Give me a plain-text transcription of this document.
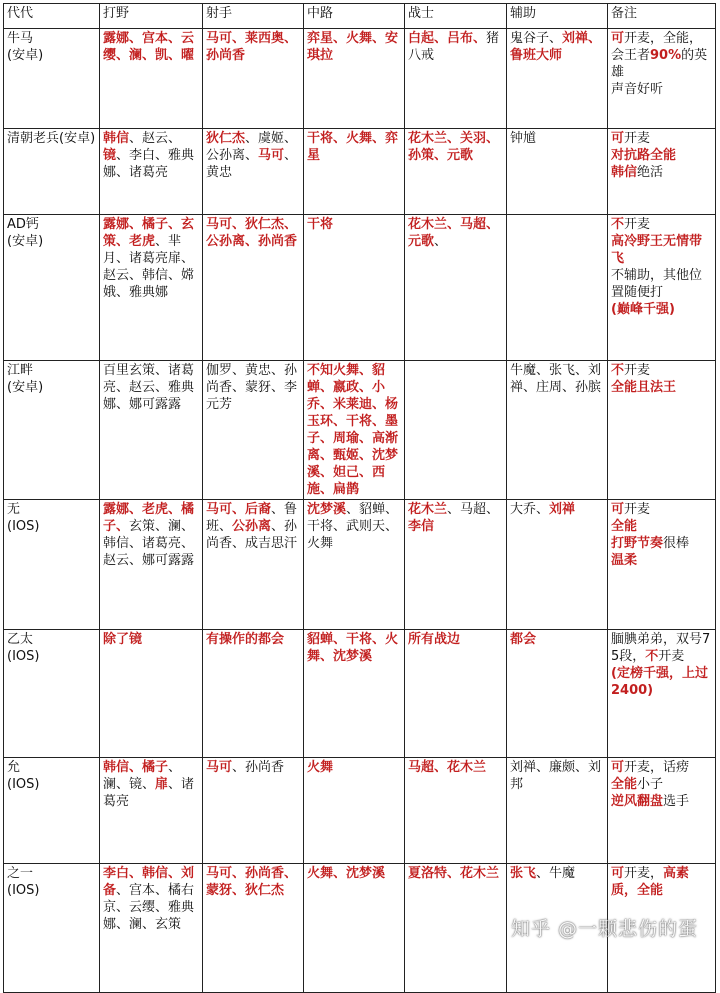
代代	打野	射手	中路	战士	辅助	备注
牛马
(安卓)	露娜、宫本、云缨、澜、凯、曜	马可、莱西奥、孙尚香	弈星、火舞、安琪拉	白起、吕布、猪八戒	鬼谷子、刘禅、鲁班大师	可开麦，全能，会王者90%的英雄
声音好听
清朝老兵(安卓)	韩信、赵云、镜、李白、雅典娜、诸葛亮	狄仁杰、虞姬、公孙离、马可、黄忠	干将、火舞、弈星	花木兰、关羽、孙策、元歌	钟馗	可开麦
对抗路全能
韩信绝活
AD钙
(安卓)	露娜、橘子、玄策、老虎、芈月、诸葛亮扉、赵云、韩信、嫦娥、雅典娜	马可、狄仁杰、公孙离、孙尚香	干将	花木兰、马超、元歌、		不开麦
高冷野王无情带飞
不辅助，其他位置随便打
(巅峰千强)
江畔
(安卓)	百里玄策、诸葛亮、赵云、雅典娜、娜可露露	伽罗、黄忠、孙尚香、蒙犽、李元芳	不知火舞、貂蝉、嬴政、小乔、米莱迪、杨玉环、干将、墨子、周瑜、高渐离、甄姬、沈梦溪、妲己、西施、扁鹊		牛魔、张飞、刘禅、庄周、孙膑	不开麦
全能且法王
无
(IOS)	露娜、老虎、橘子、玄策、澜、韩信、诸葛亮、赵云、娜可露露	马可、后裔、鲁班、公孙离、孙尚香、成吉思汗	沈梦溪、貂蝉、干将、武则天、火舞	花木兰、马超、李信	大乔、刘禅	可开麦
全能
打野节奏很棒
温柔
乙太
(IOS)	除了镜	有操作的都会	貂蝉、干将、火舞、沈梦溪	所有战边	都会	腼腆弟弟，双号75段，不开麦
(定榜千强，上过2400)
允
(IOS)	韩信、橘子、澜、镜、扉、诸葛亮	马可、孙尚香	火舞	马超、花木兰	刘禅、廉颇、刘邦	可开麦，话痨
全能小子
逆风翻盘选手
之一
(IOS)	李白、韩信、刘备、宫本、橘右京、云缨、雅典娜、澜、玄策	马可、孙尚香、蒙犽、狄仁杰	火舞、沈梦溪	夏洛特、花木兰	张飞、牛魔	可开麦，高素质，全能
知乎 @一颗悲伤的蛋
